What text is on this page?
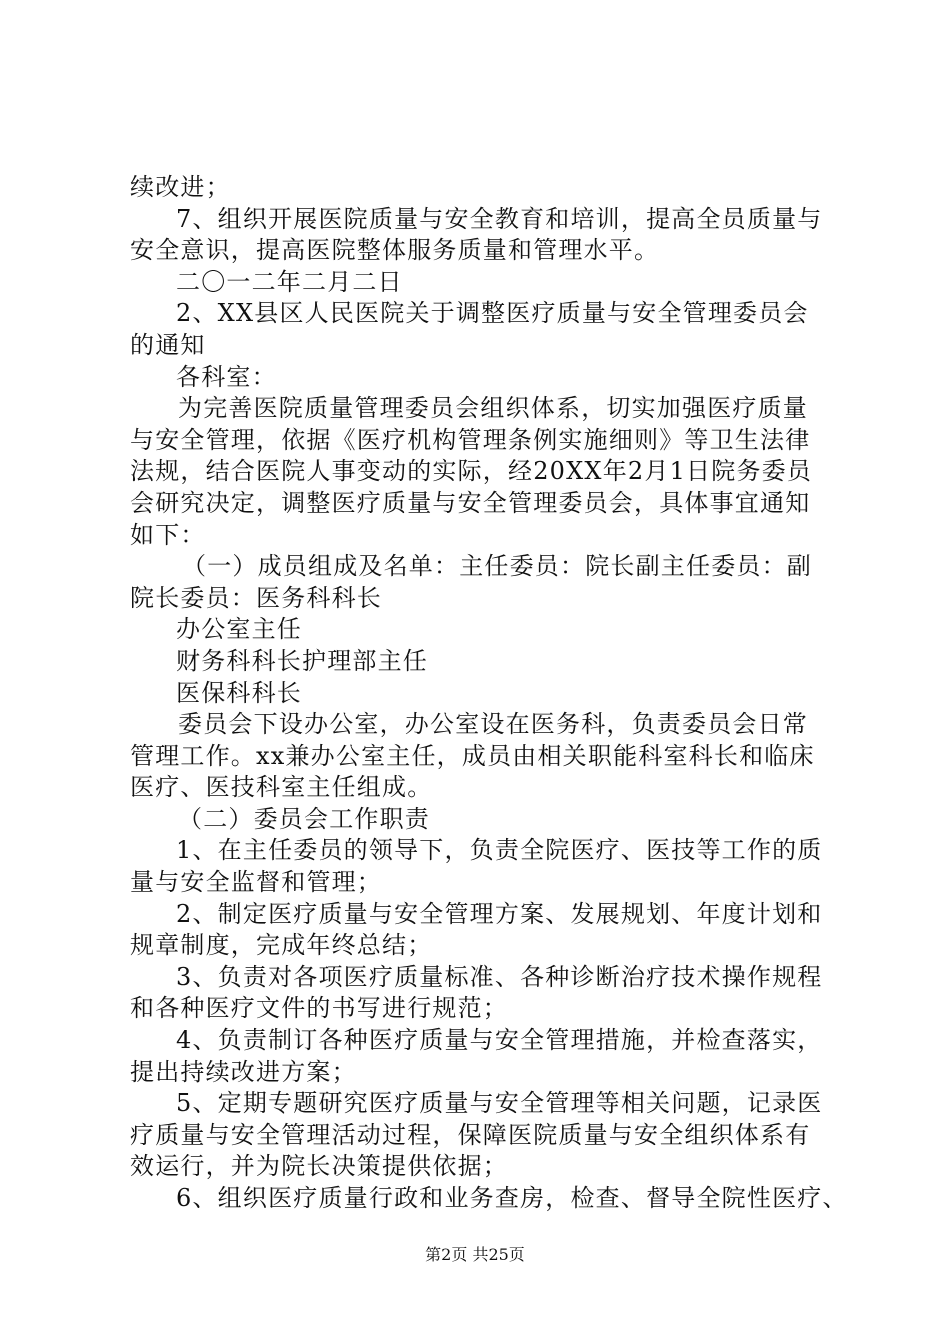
续改进；
7、组织开展医院质量与安全教育和培训，提高全员质量与
安全意识，提高医院整体服务质量和管理水平。
二〇一二年二月二日
2、XX县区人民医院关于调整医疗质量与安全管理委员会
的通知
各科室：
为完善医院质量管理委员会组织体系，切实加强医疗质量
与安全管理，依据《医疗机构管理条例实施细则》等卫生法律
法规，结合医院人事变动的实际，经20XX年2月1日院务委员
会研究决定，调整医疗质量与安全管理委员会，具体事宜通知
如下：
（一）成员组成及名单：主任委员：院长副主任委员：副
院长委员：医务科科长
办公室主任
财务科科长护理部主任
医保科科长
委员会下设办公室，办公室设在医务科，负责委员会日常
管理工作。xx兼办公室主任，成员由相关职能科室科长和临床
医疗、医技科室主任组成。
（二）委员会工作职责
1、在主任委员的领导下，负责全院医疗、医技等工作的质
量与安全监督和管理；
2、制定医疗质量与安全管理方案、发展规划、年度计划和
规章制度，完成年终总结；
3、负责对各项医疗质量标准、各种诊断治疗技术操作规程
和各种医疗文件的书写进行规范；
4、负责制订各种医疗质量与安全管理措施，并检查落实，
提出持续改进方案；
5、定期专题研究医疗质量与安全管理等相关问题，记录医
疗质量与安全管理活动过程，保障医院质量与安全组织体系有
效运行，并为院长决策提供依据；
6、组织医疗质量行政和业务查房，检查、督导全院性医疗、
第2页 共25页
